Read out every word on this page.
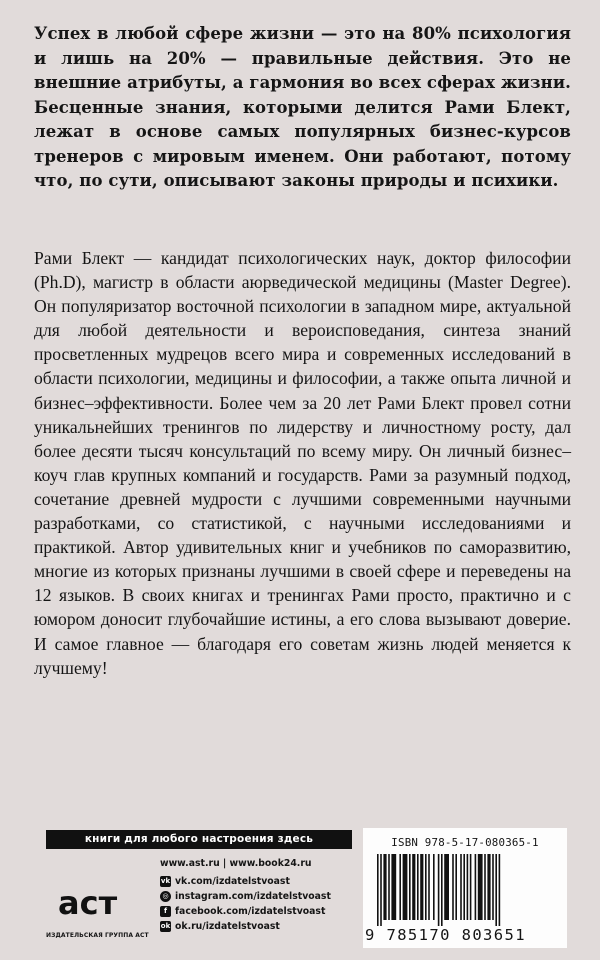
Успех в любой сфере жизни — это на 80% психология и лишь на 20% — правильные действия. Это не внешние атрибуты, а гармония во всех сферах жизни. Бесценные знания, которыми делится Рами Блект, лежат в основе самых популярных бизнес-курсов тренеров с мировым именем. Они работают, потому что, по сути, описывают законы природы и психики.
Рами Блект — кандидат психологических наук, доктор философии (Ph.D), магистр в области аюрведической медицины (Master Degree). Он популяризатор восточной психологии в западном мире, актуальной для любой деятельности и вероисповедания, синтеза знаний просветленных мудрецов всего мира и современных исследований в области психологии, медицины и философии, а также опыта личной и бизнес–эффективности. Более чем за 20 лет Рами Блект провел сотни уникальнейших тренингов по лидерству и личностному росту, дал более десяти тысяч консультаций по всему миру. Он личный бизнес–коуч глав крупных компаний и государств. Рами за разумный подход, сочетание древней мудрости с лучшими современными научными разработками, со статистикой, с научными исследованиями и практикой. Автор удивительных книг и учебников по саморазвитию, многие из которых признаны лучшими в своей сфере и переведены на 12 языков. В своих книгах и тренингах Рами просто, практично и с юмором доносит глубочайшие истины, а его слова вызывают доверие. И самое главное — благодаря его советам жизнь людей меняется к лучшему!
книги для любого настроения здесь
аст
ИЗДАТЕЛЬСКАЯ ГРУППА АСТ
www.ast.ru | www.book24.ru
vk vk.com/izdatelstvoast
◎ instagram.com/izdatelstvoast
f facebook.com/izdatelstvoast
ok ok.ru/izdatelstvoast
ISBN 978-5-17-080365-1
9 785170 803651
